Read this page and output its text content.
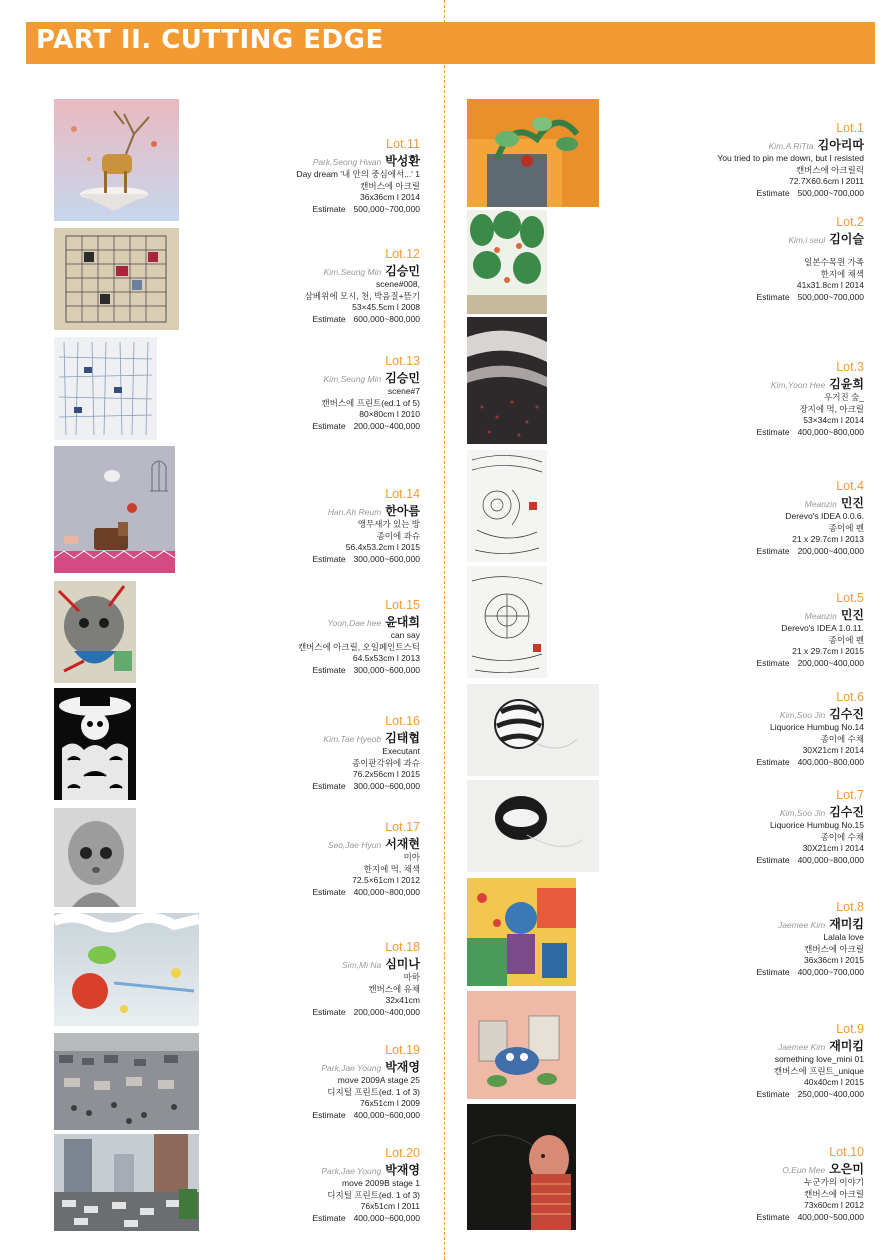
PART II. CUTTING EDGE
Lot.11
Park,Seong Hwan 박성환
Day dream '내 안의 중심에서...' 1
캔버스에 아크릴
36x36cm l 2014
Estimate 500,000~700,000
Lot.12
Kim,Seung Min 김승민
scene#008,
삼베위에 모시, 천, 박음질+뜯기
53×45.5cm l 2008
Estimate 600,000~800,000
Lot.13
Kim,Seung Min 김승민
scene#7
캔버스에 프린트(ed.1 of 5)
80×80cm l 2010
Estimate 200,000~400,000
Lot.14
Han,Ah Reum 한아름
앵무새가 있는 방
종이에 과슈
56.4x53.2cm l 2015
Estimate 300,000~600,000
Lot.15
Yoon,Dae hee 윤대희
can say
캔버스에 아크릴, 오일페인트스틱
64.5x53cm l 2013
Estimate 300,000~600,000
Lot.16
Kim,Tae Hyeob 김태협
Executant
종이판각위에 과슈
76.2x56cm l 2015
Estimate 300,000~600,000
Lot.17
Seo,Jae Hyun 서재현
미아
한지에 먹, 채색
72.5×61cm l 2012
Estimate 400,000~800,000
Lot.18
Sim,Mi Na 심미나
마하
캔버스에 유채
32x41cm
Estimate 200,000~400,000
Lot.19
Park,Jae Young 박재영
move 2009A stage 25
디지털 프린트(ed. 1 of 3)
76x51cm l 2009
Estimate 400,000~600,000
Lot.20
Park,Jae Young 박재영
move 2009B stage 1
디지털 프린트(ed. 1 of 3)
76x51cm l 2011
Estimate 400,000~600,000
Lot.1
Kim,A RiTta 김아리따
You tried to pin me down, but I resisted
캔버스에 아크릴릭
72.7X60.6cm l 2011
Estimate 500,000~700,000
Lot.2
Kim,i seul 김이슬
일본수목원 가족
한지에 채색
41x31.8cm l 2014
Estimate 500,000~700,000
Lot.3
Kim,Yoon Hee 김윤희
우거진 숲_
장지에 먹, 아크릴
53×34cm l 2014
Estimate 400,000~800,000
Lot.4
Meanzin 민진
Derevo's IDEA 0.0.6.
종이에 펜
21 x 29.7cm l 2013
Estimate 200,000~400,000
Lot.5
Meanzin 민진
Derevo's IDEA 1.0.11.
종이에 펜
21 x 29.7cm l 2015
Estimate 200,000~400,000
Lot.6
Kim,Soo Jin 김수진
Liquorice Humbug No.14
종이에 수채
30X21cm l 2014
Estimate 400,000~800,000
Lot.7
Kim,Soo Jin 김수진
Liquorice Humbug No.15
종이에 수채
30X21cm l 2014
Estimate 400,000~800,000
Lot.8
Jaemee Kim 재미킴
Lalala love
캔버스에 아크릴
36x36cm l 2015
Estimate 400,000~700,000
Lot.9
Jaemee Kim 재미킴
something love_mini 01
캔버스에 프린트_unique
40x40cm l 2015
Estimate 250,000~400,000
Lot.10
O,Eun Mee 오은미
누군가의 이야기
캔버스에 아크릴
73x60cm l 2012
Estimate 400,000~500,000
